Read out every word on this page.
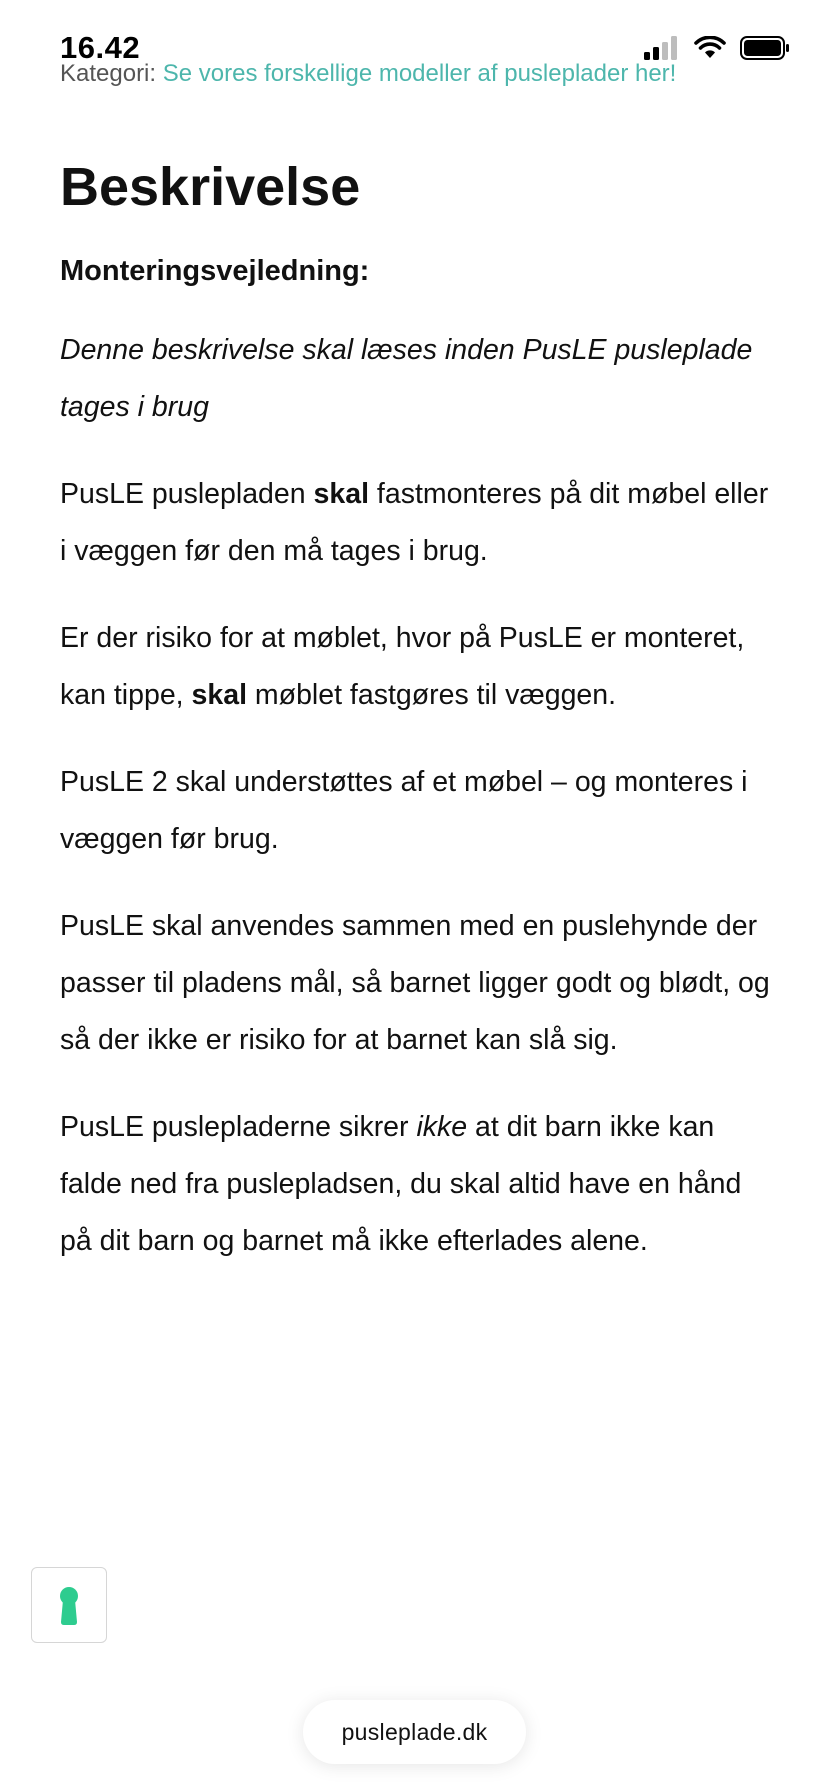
16.42
Kategori: Se vores forskellige modeller af pusleplader her!
Beskrivelse
Monteringsvejledning:

Denne beskrivelse skal læses inden PusLE pusleplade tages i brug

PusLE puslepladen skal fastmonteres på dit møbel eller i væggen før den må tages i brug.

Er der risiko for at møblet, hvor på PusLE er monteret, kan tippe, skal møblet fastgøres til væggen.

PusLE 2 skal understøttes af et møbel – og monteres i væggen før brug.

PusLE skal anvendes sammen med en puslehynde der passer til pladens mål, så barnet ligger godt og blødt, og så der ikke er risiko for at barnet kan slå sig.

PusLE puslepladerne sikrer ikke at dit barn ikke kan falde ned fra puslepladsen, du skal altid have en hånd på dit barn og barnet må ikke efterlades alene.

pusleplade.dk
